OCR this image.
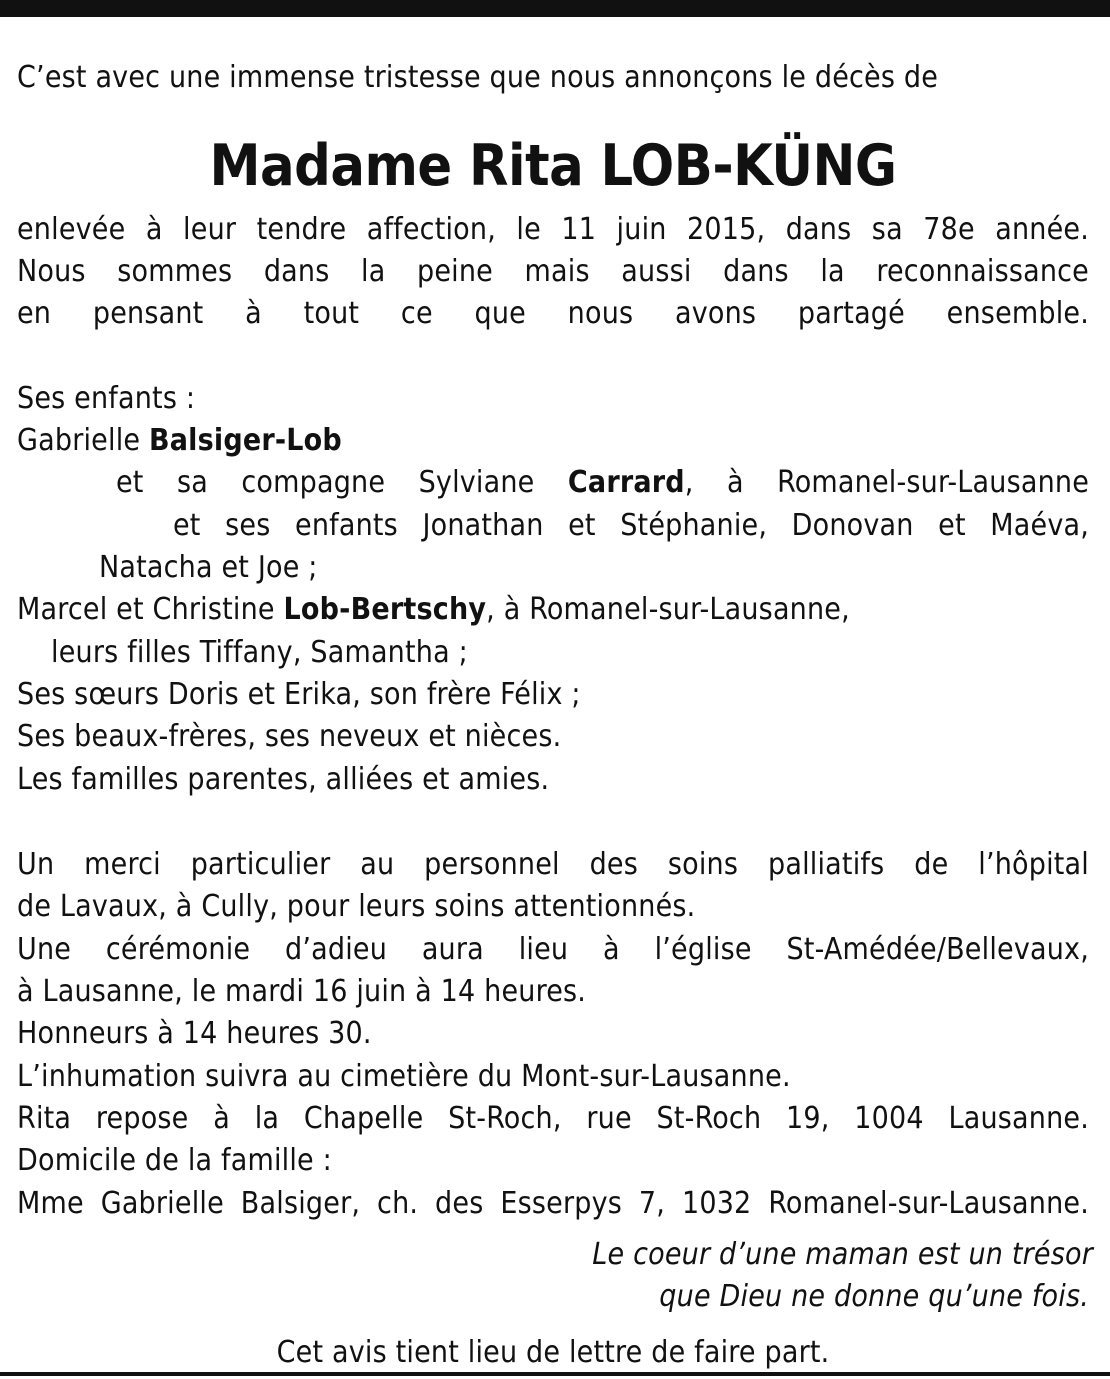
C’est avec une immense tristesse que nous annonçons le décès de
Madame Rita LOB-KÜNG
enlevée à leur tendre affection, le 11 juin 2015, dans sa 78e année.
Nous sommes dans la peine mais aussi dans la reconnaissance
en pensant à tout ce que nous avons partagé ensemble.
Ses enfants :
Gabrielle Balsiger-Lob
et sa compagne Sylviane Carrard, à Romanel-sur-Lausanne
et ses enfants Jonathan et Stéphanie, Donovan et Maéva,
Natacha et Joe ;
Marcel et Christine Lob-Bertschy, à Romanel-sur-Lausanne,
leurs filles Tiffany, Samantha ;
Ses sœurs Doris et Erika, son frère Félix ;
Ses beaux-frères, ses neveux et nièces.
Les familles parentes, alliées et amies.
Un merci particulier au personnel des soins palliatifs de l’hôpital
de Lavaux, à Cully, pour leurs soins attentionnés.
Une cérémonie d’adieu aura lieu à l’église St-Amédée/Bellevaux,
à Lausanne, le mardi 16 juin à 14 heures.
Honneurs à 14 heures 30.
L’inhumation suivra au cimetière du Mont-sur-Lausanne.
Rita repose à la Chapelle St-Roch, rue St-Roch 19, 1004 Lausanne.
Domicile de la famille :
Mme Gabrielle Balsiger, ch. des Esserpys 7, 1032 Romanel-sur-Lausanne.
Le coeur d’une maman est un trésor
que Dieu ne donne qu’une fois.
Cet avis tient lieu de lettre de faire part.
